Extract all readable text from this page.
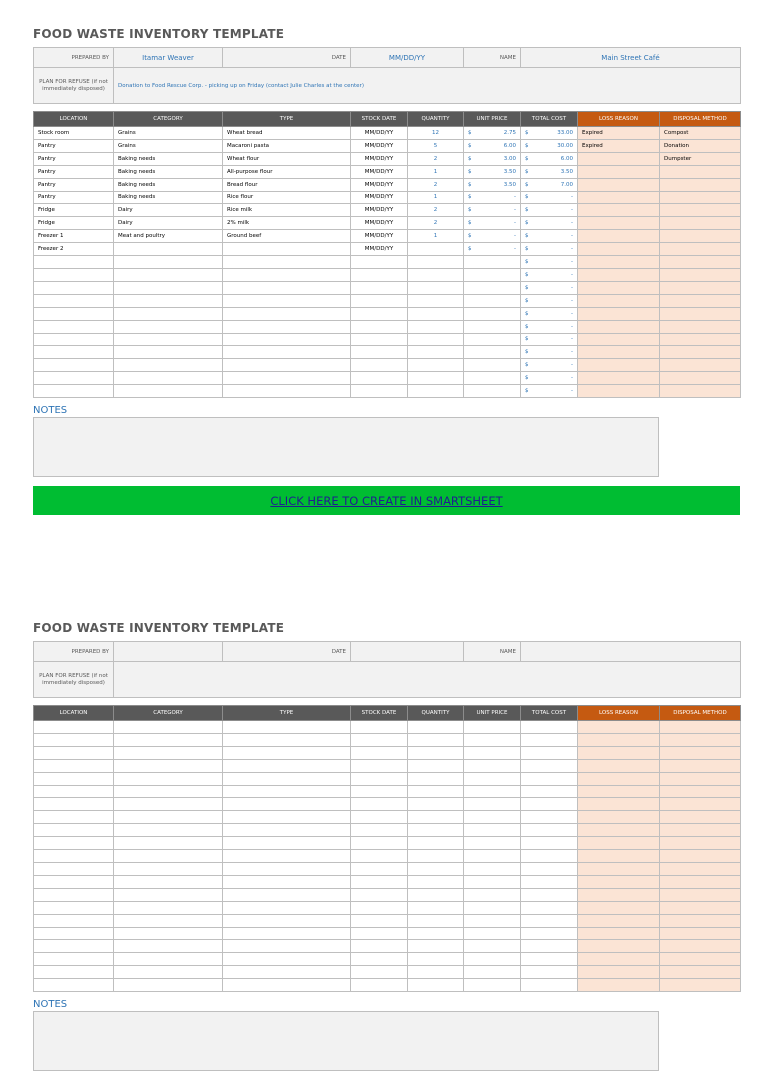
FOOD WASTE INVENTORY TEMPLATE
PREPARED BY	Itamar Weaver	DATE	MM/DD/YY	NAME	Main Street Café
PLAN FOR REFUSE (if not immediately disposed)	Donation to Food Rescue Corp. - picking up on Friday (contact Julie Charles at the center)				
LOCATION	CATEGORY	TYPE	STOCK DATE	QUANTITY	UNIT PRICE	TOTAL COST	LOSS REASON	DISPOSAL METHOD
Stock room	Grains	Wheat bread	MM/DD/YY	12	$ 2.75	$ 33.00	Expired	Compost
Pantry	Grains	Macaroni pasta	MM/DD/YY	5	$ 6.00	$ 30.00	Expired	Donation
Pantry	Baking needs	Wheat flour	MM/DD/YY	2	$ 3.00	$ 6.00		Dumpster
Pantry	Baking needs	All-purpose flour	MM/DD/YY	1	$ 3.50	$ 3.50		

Pantry	Baking needs	Bread flour	MM/DD/YY	2	$ 3.50	$ 7.00		

Pantry	Baking needs	Rice flour	MM/DD/YY	1	$ -	$ -		

Fridge	Dairy	Rice milk	MM/DD/YY	2	$ -	$ -		

Fridge	Dairy	2% milk	MM/DD/YY	2	$ -	$ -		

Freezer 1	Meat and poultry	Ground beef	MM/DD/YY	1	$ -	$ -		

Freezer 2			MM/DD/YY		$ -	$ -		

						$ -		

						$ -		

						$ -		

						$ -		

						$ -		

						$ -		

						$ -		

						$ -		

						$ -		

						$ -		

						$ -		

NOTES
CLICK HERE TO CREATE IN SMARTSHEET
FOOD WASTE INVENTORY TEMPLATE
PREPARED BY		DATE		NAME	
PLAN FOR REFUSE (if not immediately disposed)					
LOCATION	CATEGORY	TYPE	STOCK DATE	QUANTITY	UNIT PRICE	TOTAL COST	LOSS REASON	DISPOSAL METHOD

NOTES
